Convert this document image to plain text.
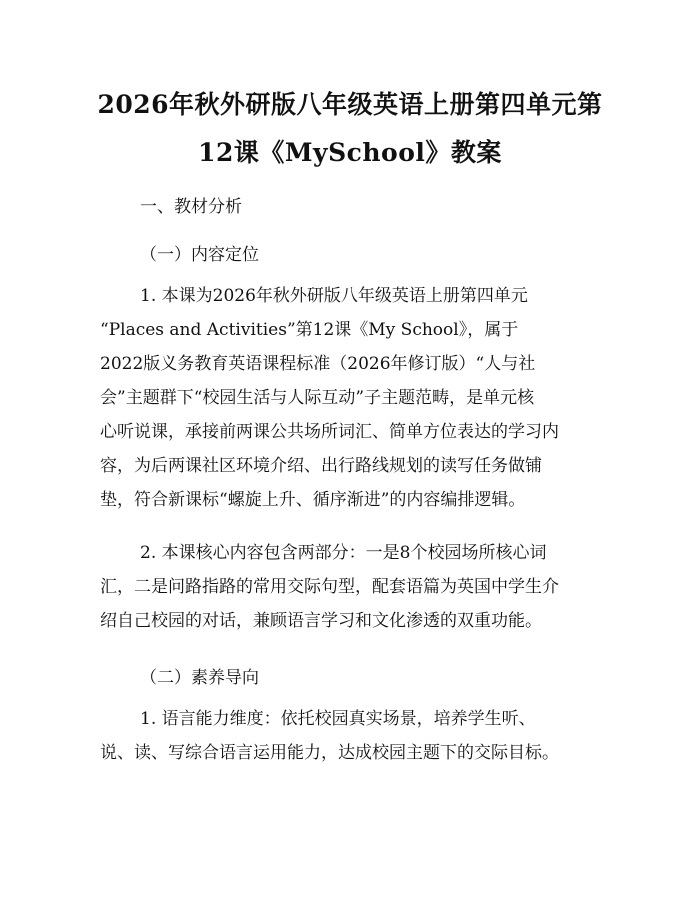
2026年秋外研版八年级英语上册第四单元第
12课《MySchool》教案
一、教材分析
（一）内容定位
1. 本课为2026年秋外研版八年级英语上册第四单元
“Places and Activities”第12课《My School》，属于
2022版义务教育英语课程标准（2026年修订版）“人与社
会”主题群下“校园生活与人际互动”子主题范畴，是单元核
心听说课，承接前两课公共场所词汇、简单方位表达的学习内
容，为后两课社区环境介绍、出行路线规划的读写任务做铺
垫，符合新课标“螺旋上升、循序渐进”的内容编排逻辑。
2. 本课核心内容包含两部分：一是8个校园场所核心词
汇，二是问路指路的常用交际句型，配套语篇为英国中学生介
绍自己校园的对话，兼顾语言学习和文化渗透的双重功能。
（二）素养导向
1. 语言能力维度：依托校园真实场景，培养学生听、
说、读、写综合语言运用能力，达成校园主题下的交际目标。
